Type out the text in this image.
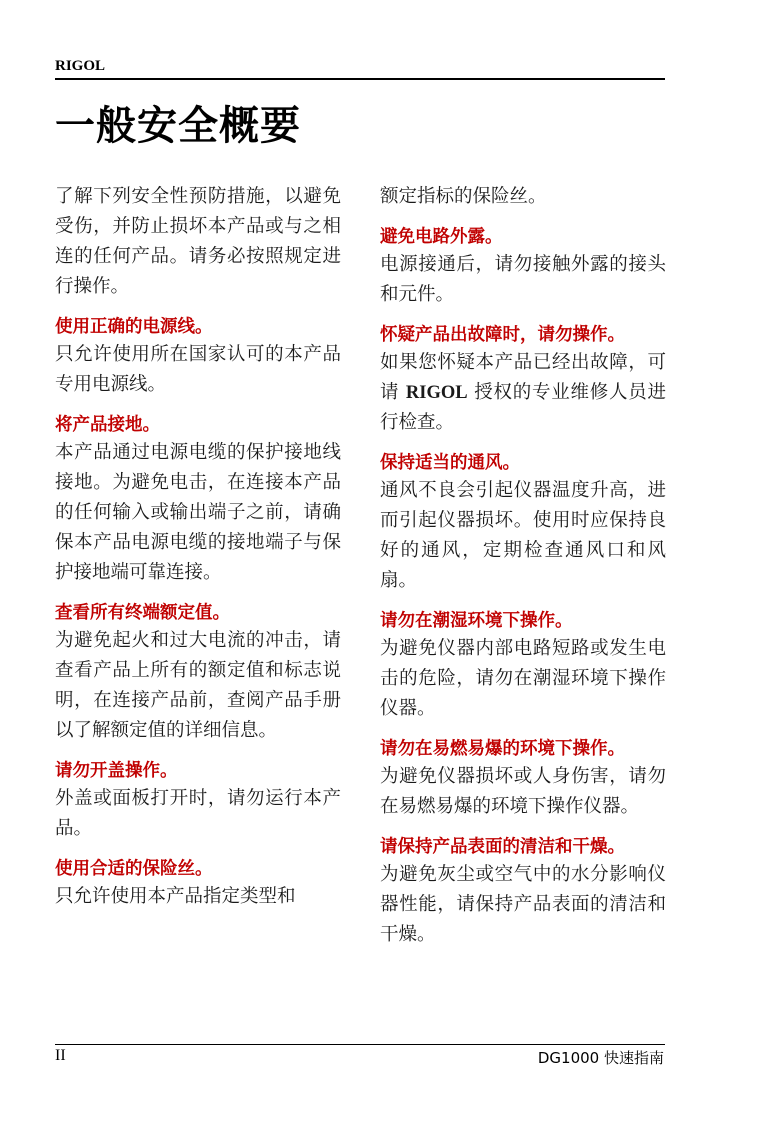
RIGOL
一般安全概要

了解下列安全性预防措施，以避免受伤，并防止损坏本产品或与之相连的任何产品。请务必按照规定进行操作。

使用正确的电源线。

只允许使用所在国家认可的本产品专用电源线。

将产品接地。

本产品通过电源电缆的保护接地线接地。为避免电击，在连接本产品的任何输入或输出端子之前，请确保本产品电源电缆的接地端子与保护接地端可靠连接。

查看所有终端额定值。

为避免起火和过大电流的冲击，请查看产品上所有的额定值和标志说明，在连接产品前，查阅产品手册以了解额定值的详细信息。

请勿开盖操作。

外盖或面板打开时，请勿运行本产品。

使用合适的保险丝。

只允许使用本产品指定类型和

额定指标的保险丝。

避免电路外露。

电源接通后，请勿接触外露的接头和元件。

怀疑产品出故障时，请勿操作。

如果您怀疑本产品已经出故障，可请 RIGOL 授权的专业维修人员进行检查。

保持适当的通风。

通风不良会引起仪器温度升高，进而引起仪器损坏。使用时应保持良好的通风，定期检查通风口和风扇。

请勿在潮湿环境下操作。

为避免仪器内部电路短路或发生电击的危险，请勿在潮湿环境下操作仪器。

请勿在易燃易爆的环境下操作。

为避免仪器损坏或人身伤害，请勿在易燃易爆的环境下操作仪器。

请保持产品表面的清洁和干燥。

为避免灰尘或空气中的水分影响仪器性能，请保持产品表面的清洁和干燥。

II	DG1000 快速指南
